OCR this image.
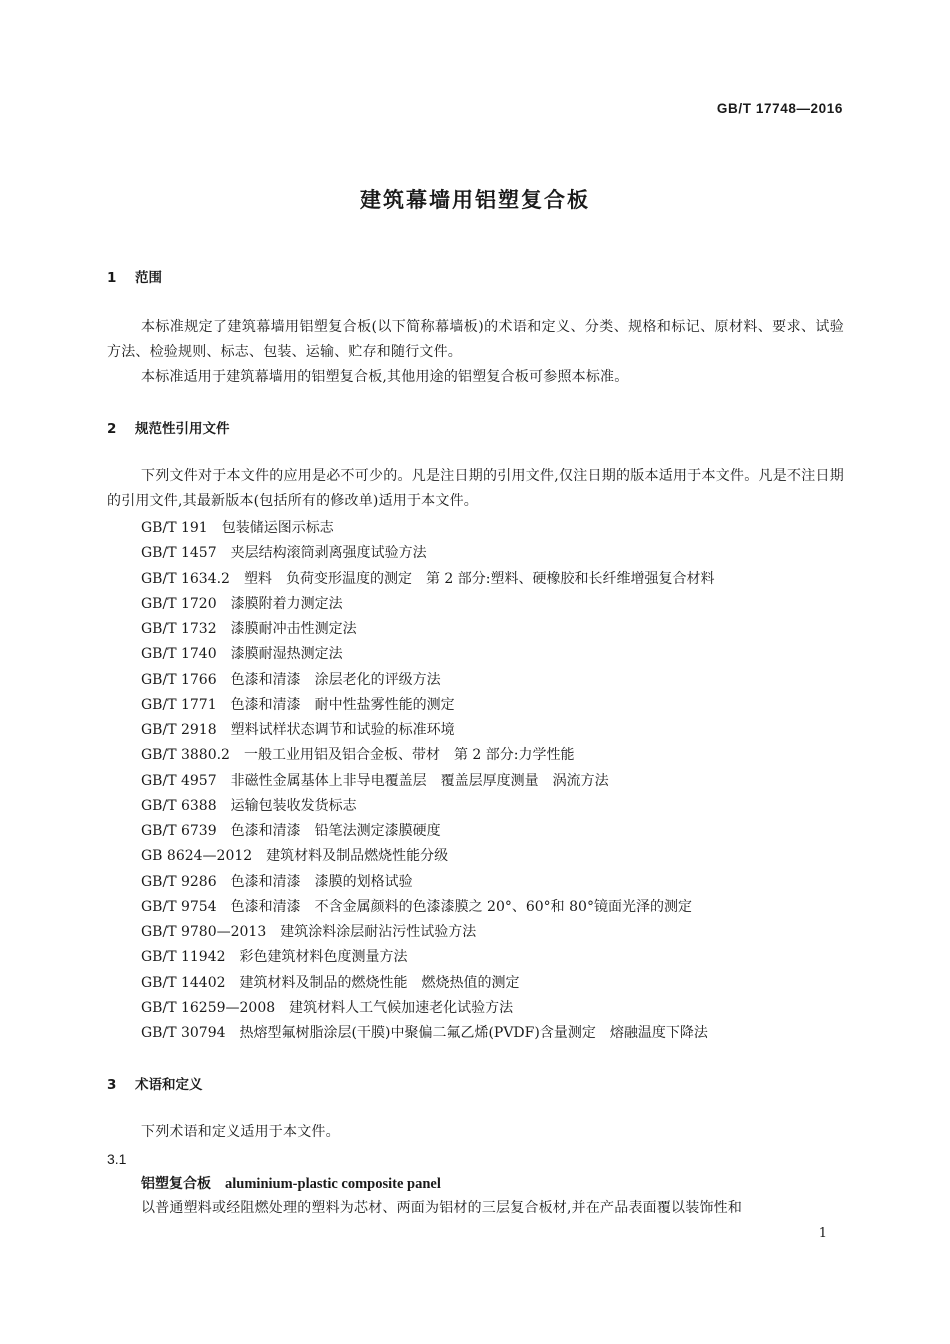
GB/T 17748—2016
建筑幕墙用铝塑复合板
1 范围
本标准规定了建筑幕墙用铝塑复合板(以下简称幕墙板)的术语和定义、分类、规格和标记、原材料、要求、试验方法、检验规则、标志、包装、运输、贮存和随行文件。
本标准适用于建筑幕墙用的铝塑复合板,其他用途的铝塑复合板可参照本标准。
2 规范性引用文件
下列文件对于本文件的应用是必不可少的。凡是注日期的引用文件,仅注日期的版本适用于本文件。凡是不注日期的引用文件,其最新版本(包括所有的修改单)适用于本文件。
GB/T 191 包装储运图示标志
GB/T 1457 夹层结构滚筒剥离强度试验方法
GB/T 1634.2 塑料　负荷变形温度的测定　第 2 部分:塑料、硬橡胶和长纤维增强复合材料
GB/T 1720 漆膜附着力测定法
GB/T 1732 漆膜耐冲击性测定法
GB/T 1740 漆膜耐湿热测定法
GB/T 1766 色漆和清漆　涂层老化的评级方法
GB/T 1771 色漆和清漆　耐中性盐雾性能的测定
GB/T 2918 塑料试样状态调节和试验的标准环境
GB/T 3880.2 一般工业用铝及铝合金板、带材　第 2 部分:力学性能
GB/T 4957 非磁性金属基体上非导电覆盖层　覆盖层厚度测量　涡流方法
GB/T 6388 运输包装收发货标志
GB/T 6739 色漆和清漆　铅笔法测定漆膜硬度
GB 8624—2012 建筑材料及制品燃烧性能分级
GB/T 9286 色漆和清漆　漆膜的划格试验
GB/T 9754 色漆和清漆　不含金属颜料的色漆漆膜之 20°、60°和 80°镜面光泽的测定
GB/T 9780—2013 建筑涂料涂层耐沾污性试验方法
GB/T 11942 彩色建筑材料色度测量方法
GB/T 14402 建筑材料及制品的燃烧性能　燃烧热值的测定
GB/T 16259—2008 建筑材料人工气候加速老化试验方法
GB/T 30794 热熔型氟树脂涂层(干膜)中聚偏二氟乙烯(PVDF)含量测定　熔融温度下降法
3 术语和定义
下列术语和定义适用于本文件。
3.1
铝塑复合板 aluminium-plastic composite panel
以普通塑料或经阻燃处理的塑料为芯材、两面为铝材的三层复合板材,并在产品表面覆以装饰性和
1
